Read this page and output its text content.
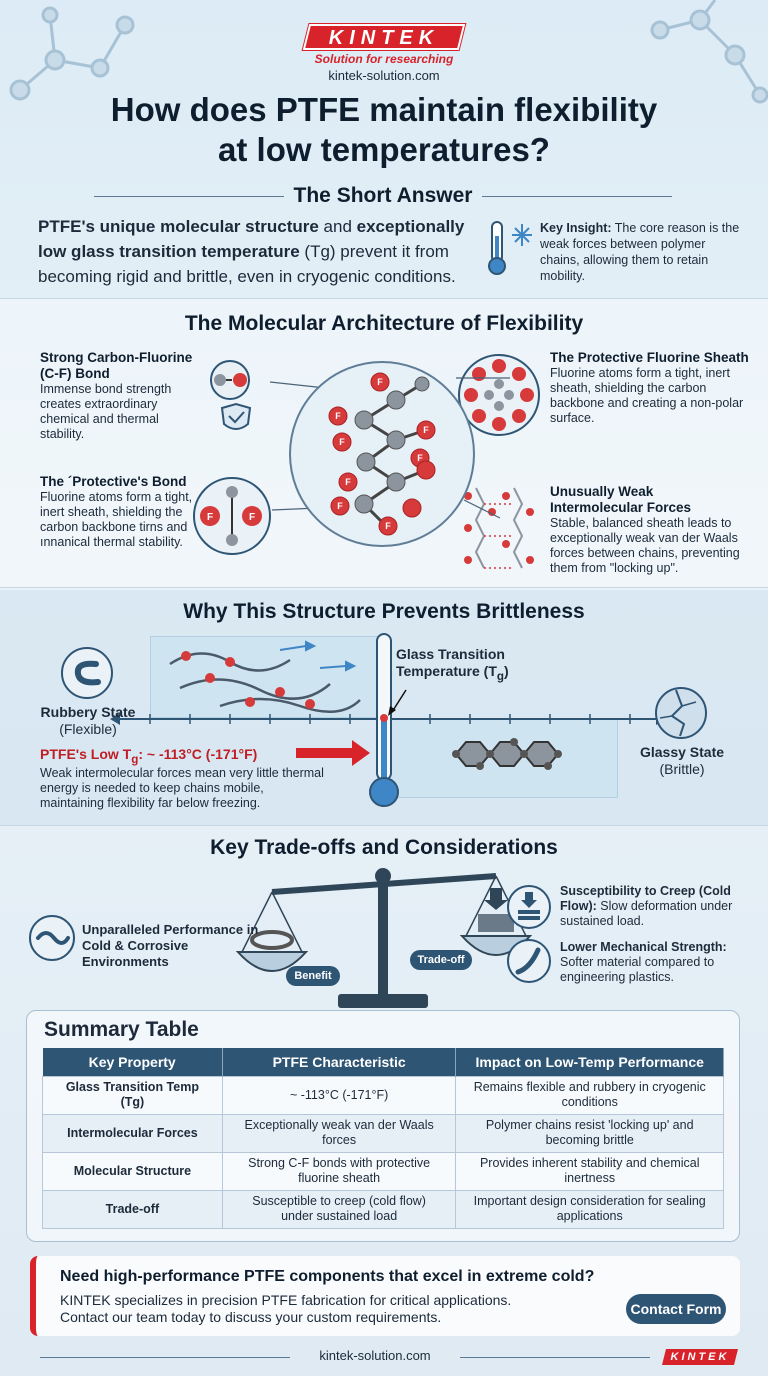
KINTEK
Solution for researching
kintek-solution.com
How does PTFE maintain flexibility
at low temperatures?
The Short Answer
PTFE's unique molecular structure and exceptionally low glass transition temperature (Tg) prevent it from becoming rigid and brittle, even in cryogenic conditions.
Key Insight: The core reason is the weak forces between polymer chains, allowing them to retain mobility.
The Molecular Architecture of Flexibility
Strong Carbon-Fluorine (C-F) Bond
Immense bond strength creates extraordinary chemical and thermal stability.
The Protective Fluorine Sheath
Fluorine atoms form a tight, inert sheath, shielding the carbon backbone and creating a non-polar surface.
The ´Protective's Bond
Fluorine atoms form a tight, inert sheath, shielding the carbon backbone tirns and ınnanical thermal stability.
Unusually Weak Intermolecular Forces
Stable, balanced sheath leads to exceptionally weak van der Waals forces between chains, preventing them from "locking up".
F	F
F
F
F
F
F
F
F
F
Why This Structure Prevents Brittleness
Rubbery State
(Flexible)
Glassy State
(Brittle)
Glass Transition
Temperature $(T_g)$
PTFE's Low $T_g$: ~ -113°C (-171°F)
Weak intermolecular forces mean very little thermal energy is needed to keep chains mobile, maintaining flexibility far below freezing.
Key Trade-offs and Considerations
Benefit
Trade-off
Unparalleled Performance in Cold & Corrosive Environments
Susceptibility to Creep (Cold Flow): Slow deformation under sustained load.
Lower Mechanical Strength: Softer material compared to engineering plastics.
Summary Table
Key Property	PTFE Characteristic	Impact on Low-Temp Performance
Glass Transition Temp (Tg)	~ -113°C (-171°F)	Remains flexible and rubbery in cryogenic conditions
Intermolecular Forces	Exceptionally weak van der Waals forces	Polymer chains resist 'locking up' and becoming brittle
Molecular Structure	Strong C-F bonds with protective fluorine sheath	Provides inherent stability and chemical inertness
Trade-off	Susceptible to creep (cold flow) under sustained load	Important design consideration for sealing applications
Need high-performance PTFE components that excel in extreme cold?
KINTEK specializes in precision PTFE fabrication for critical applications.
Contact our team today to discuss your custom requirements.	Contact Form
kintek-solution.com	KINTEK
